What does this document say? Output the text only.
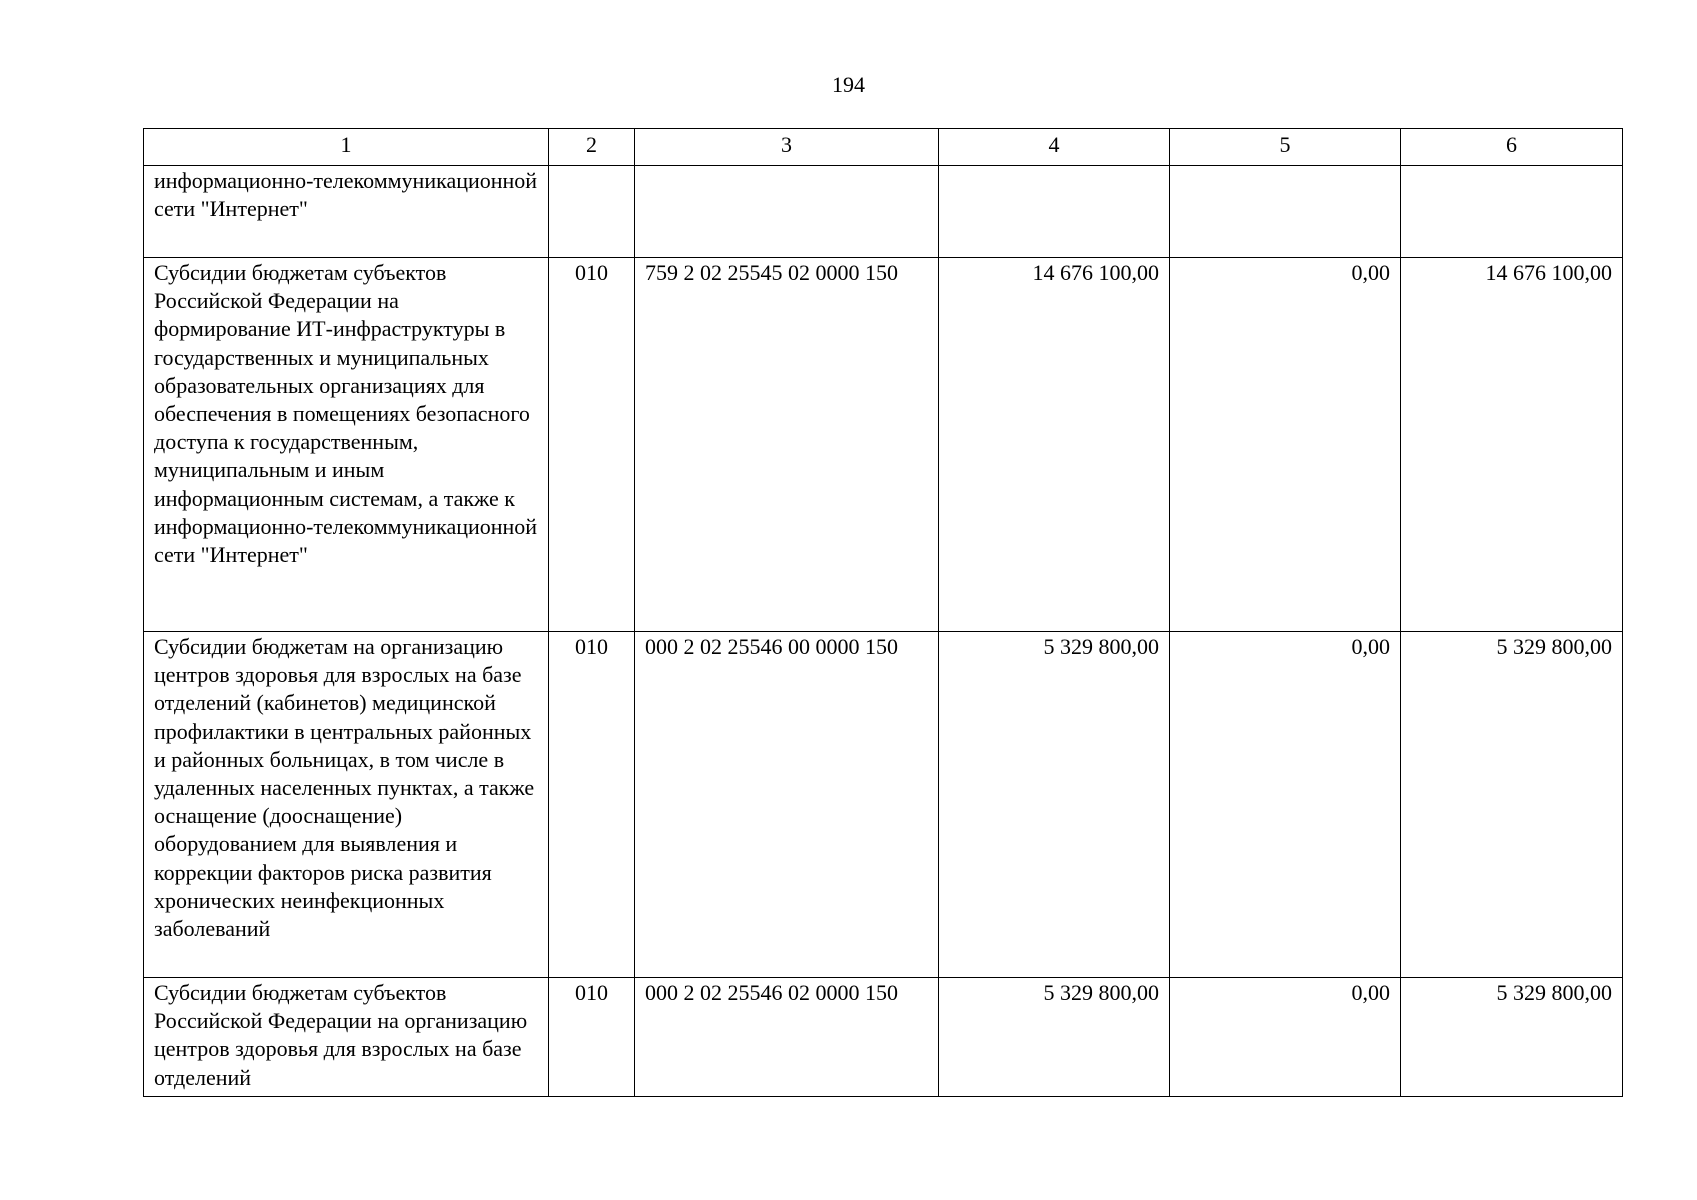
194
1	2	3	4	5	6
информационно-телекоммуникационной сети "Интернет"					
Субсидии бюджетам субъектов Российской Федерации на формирование ИТ-инфраструктуры в государственных и муниципальных образовательных организациях для обеспечения в помещениях безопасного доступа к государственным, муниципальным и иным информационным системам, а также к информационно-телекоммуникационной сети "Интернет"	010	759 2 02 25545 02 0000 150	14 676 100,00	0,00	14 676 100,00
Субсидии бюджетам на организацию центров здоровья для взрослых на базе отделений (кабинетов) медицинской профилактики в центральных районных и районных больницах, в том числе в удаленных населенных пунктах, а также оснащение (дооснащение) оборудованием для выявления и коррекции факторов риска развития хронических неинфекционных заболеваний	010	000 2 02 25546 00 0000 150	5 329 800,00	0,00	5 329 800,00
Субсидии бюджетам субъектов Российской Федерации на организацию центров здоровья для взрослых на базе отделений	010	000 2 02 25546 02 0000 150	5 329 800,00	0,00	5 329 800,00
